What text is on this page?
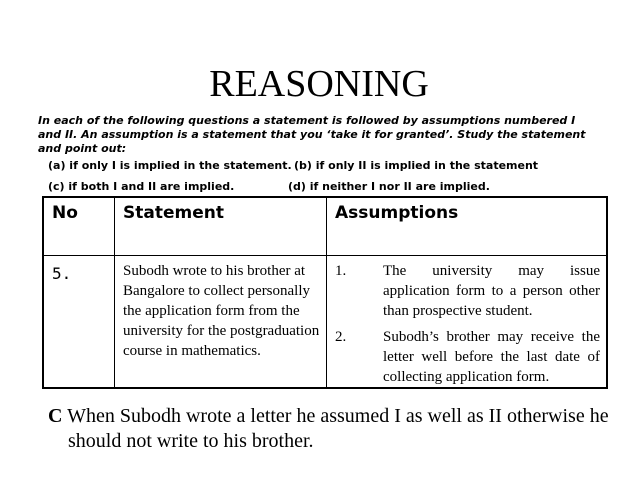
REASONING
In each of the following questions a statement is followed by assumptions numbered I and II. An assumption is a statement that you ‘take it for granted’. Study the statement and point out:
(a) if only I is implied in the statement. (b) if only II is implied in the statement
(c) if both I and II are implied.	(d) if neither I nor II are implied.
No	Statement	Assumptions
5.	Subodh wrote to his brother at Bangalore to collect personally the application form from the university for the postgraduation course in mathematics.	1. The university may issue application form to a person other than prospective student.
2. Subodh’s brother may receive the letter well before the last date of collecting application form.
C When Subodh wrote a letter he assumed I as well as II otherwise he should not write to his brother.
